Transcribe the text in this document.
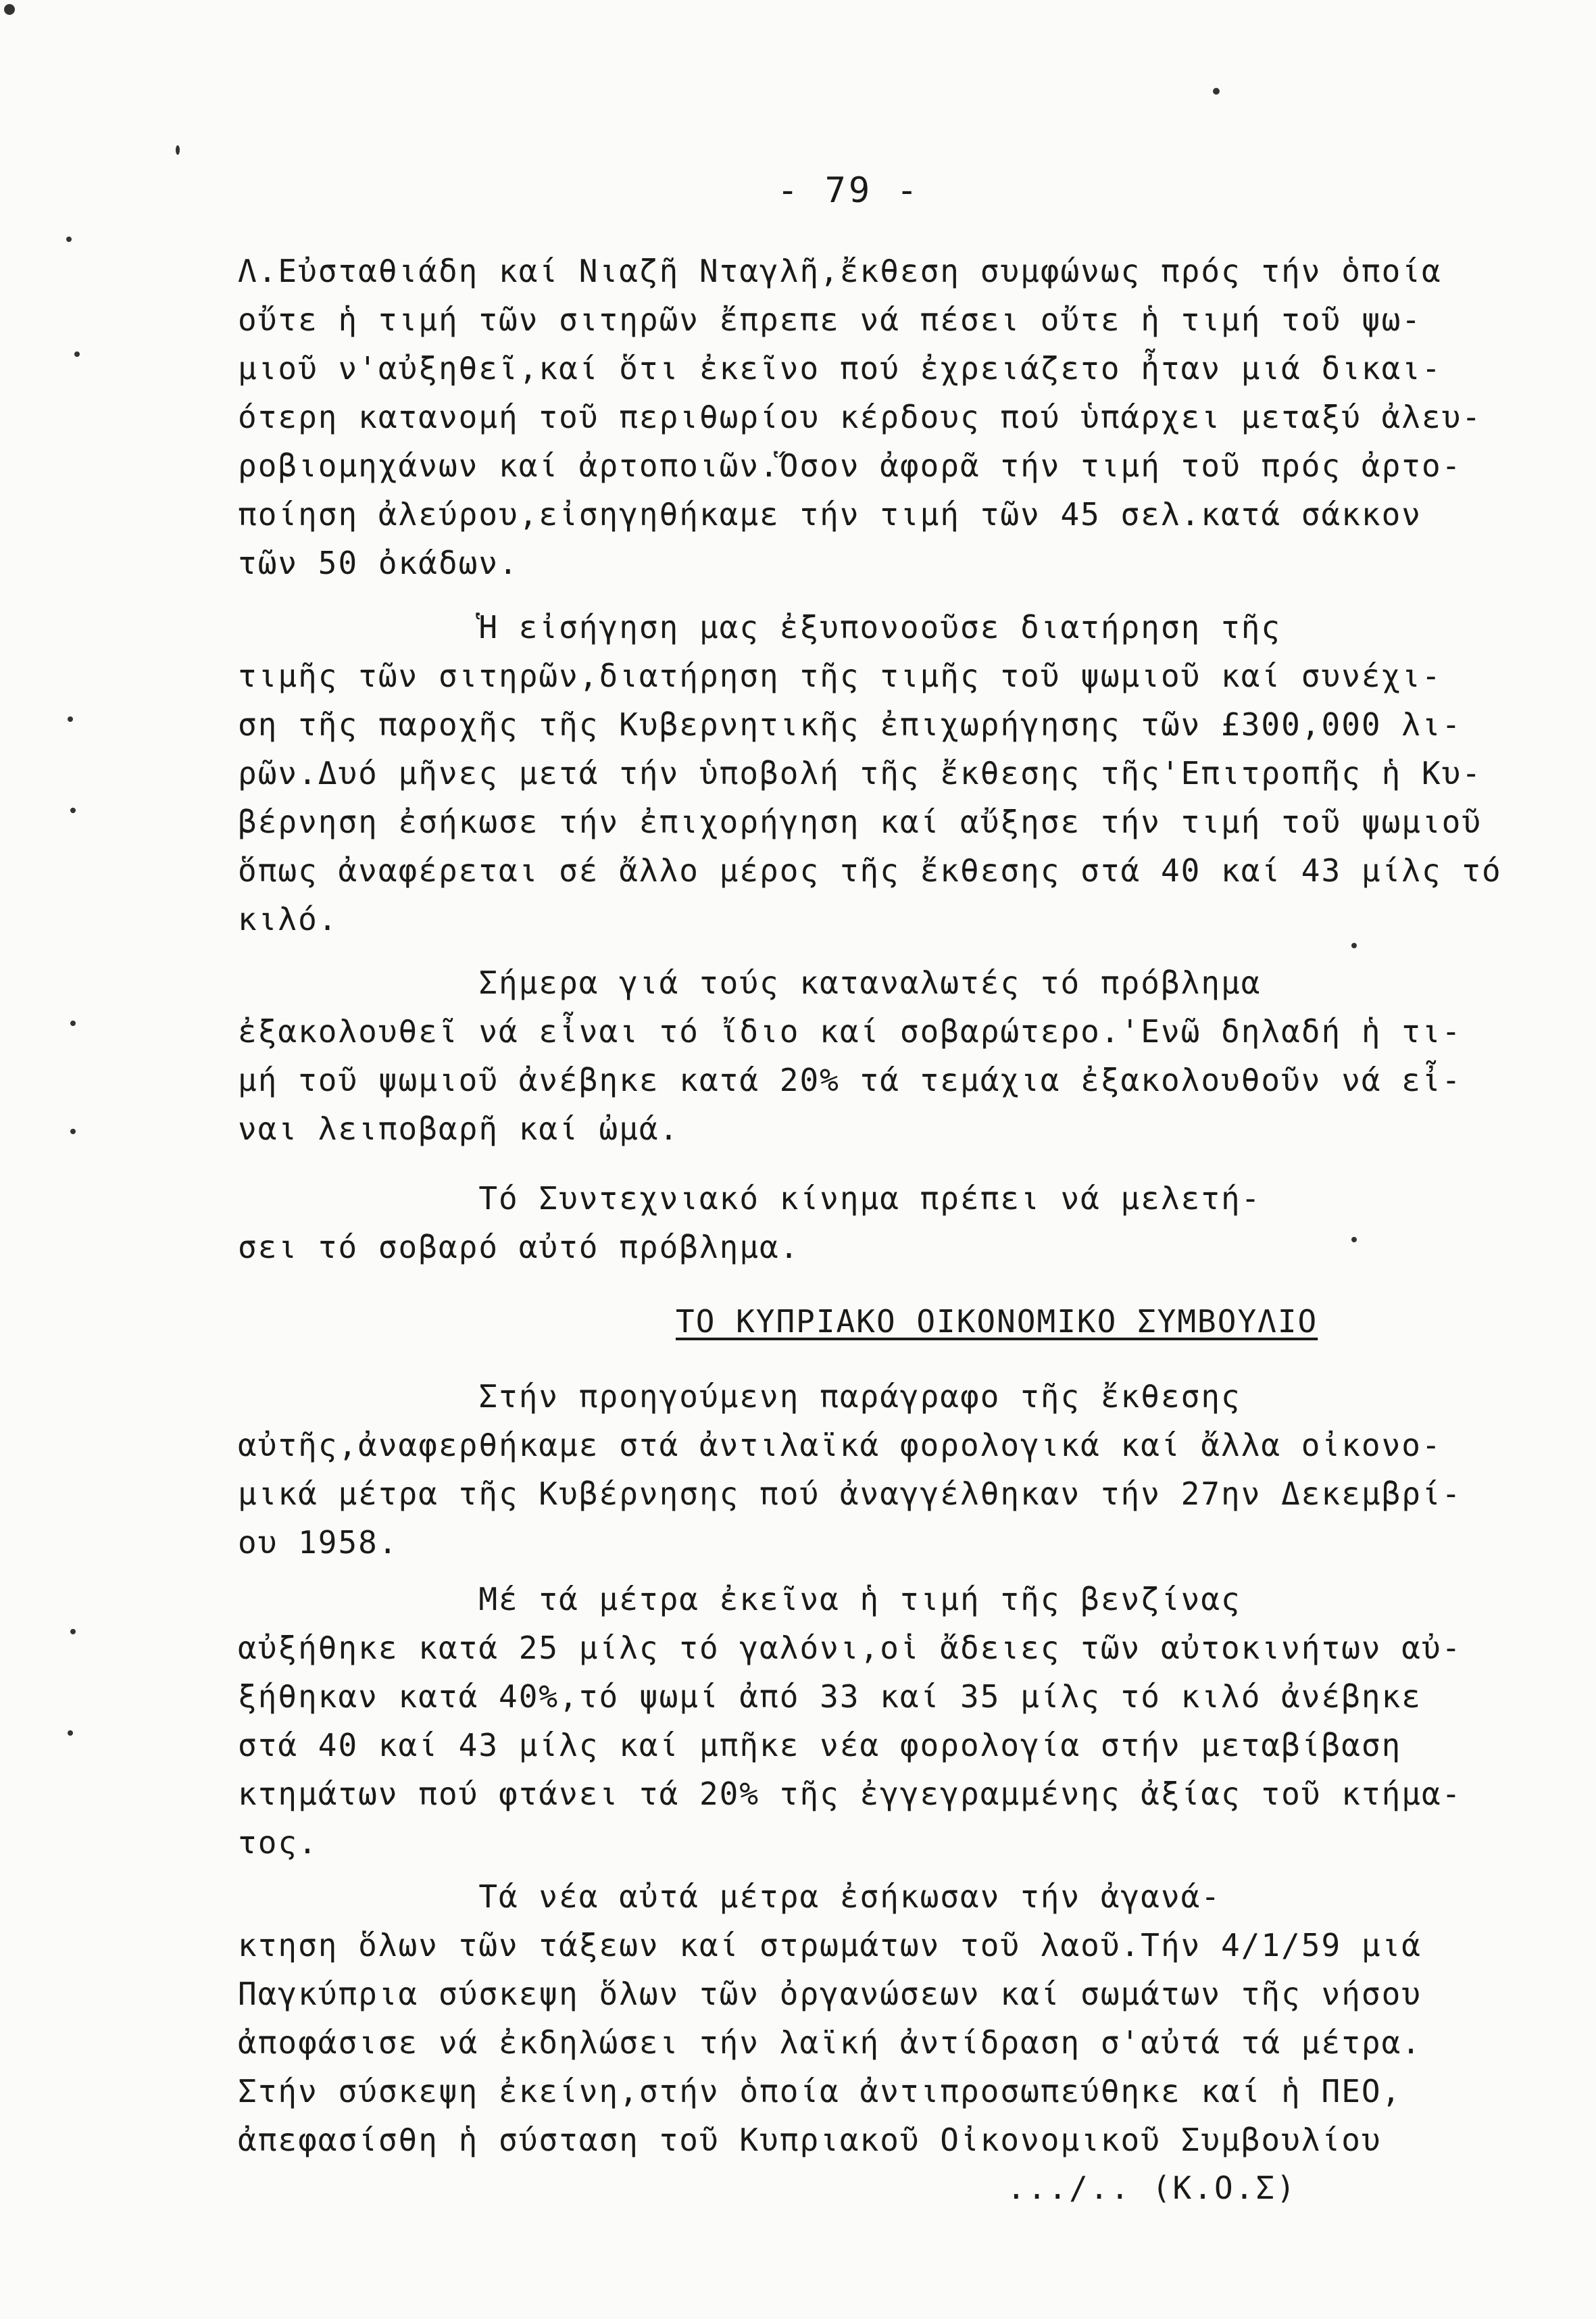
- 79 -
Λ.Εὐσταθιάδη καί Νιαζῆ Νταγλῆ,ἔκθεση συμφώνως πρός τήν ὁποία
οὔτε ἡ τιμή τῶν σιτηρῶν ἔπρεπε νά πέσει οὔτε ἡ τιμή τοῦ ψω-
μιοῦ ν'αὐξηθεῖ,καί ὅτι ἐκεῖνο πού ἐχρειάζετο ἦταν μιά δικαι-
ότερη κατανομή τοῦ περιθωρίου κέρδους πού ὑπάρχει μεταξύ ἀλευ-
ροβιομηχάνων καί ἀρτοποιῶν.Ὅσον ἀφορᾶ τήν τιμή τοῦ πρός ἀρτο-
ποίηση ἀλεύρου,εἰσηγηθήκαμε τήν τιμή τῶν 45 σελ.κατά σάκκον
τῶν 50 ὀκάδων.
Ἡ εἰσήγηση μας ἐξυπονοοῦσε διατήρηση τῆς
τιμῆς τῶν σιτηρῶν,διατήρηση τῆς τιμῆς τοῦ ψωμιοῦ καί συνέχι-
ση τῆς παροχῆς τῆς Κυβερνητικῆς ἐπιχωρήγησης τῶν £300,000 λι-
ρῶν.Δυό μῆνες μετά τήν ὑποβολή τῆς ἔκθεσης τῆς'Επιτροπῆς ἡ Κυ-
βέρνηση ἐσήκωσε τήν ἐπιχορήγηση καί αὔξησε τήν τιμή τοῦ ψωμιοῦ
ὅπως ἀναφέρεται σέ ἄλλο μέρος τῆς ἔκθεσης στά 40 καί 43 μίλς τό
κιλό.
Σήμερα γιά τούς καταναλωτές τό πρόβλημα
ἐξακολουθεῖ νά εἶναι τό ἴδιο καί σοβαρώτερο.'Ενῶ δηλαδή ἡ τι-
μή τοῦ ψωμιοῦ ἀνέβηκε κατά 20% τά τεμάχια ἐξακολουθοῦν νά εἶ-
ναι λειποβαρῆ καί ὠμά.
Τό Συντεχνιακό κίνημα πρέπει νά μελετή-
σει τό σοβαρό αὐτό πρόβλημα.
ΤΟ ΚΥΠΡΙΑΚΟ ΟΙΚΟΝΟΜΙΚΟ ΣΥΜΒΟΥΛΙΟ
Στήν προηγούμενη παράγραφο τῆς ἔκθεσης
αὐτῆς,ἀναφερθήκαμε στά ἀντιλαϊκά φορολογικά καί ἄλλα οἰκονο-
μικά μέτρα τῆς Κυβέρνησης πού ἀναγγέλθηκαν τήν 27ην Δεκεμβρί-
ου 1958.
Μέ τά μέτρα ἐκεῖνα ἡ τιμή τῆς βενζίνας
αὐξήθηκε κατά 25 μίλς τό γαλόνι,οἱ ἄδειες τῶν αὐτοκινήτων αὐ-
ξήθηκαν κατά 40%,τό ψωμί ἀπό 33 καί 35 μίλς τό κιλό ἀνέβηκε
στά 40 καί 43 μίλς καί μπῆκε νέα φορολογία στήν μεταβίβαση
κτημάτων πού φτάνει τά 20% τῆς ἐγγεγραμμένης ἀξίας τοῦ κτήμα-
τος.
Τά νέα αὐτά μέτρα ἐσήκωσαν τήν ἀγανά-
κτηση ὅλων τῶν τάξεων καί στρωμάτων τοῦ λαοῦ.Τήν 4/1/59 μιά
Παγκύπρια σύσκεψη ὅλων τῶν ὀργανώσεων καί σωμάτων τῆς νήσου
ἀποφάσισε νά ἐκδηλώσει τήν λαϊκή ἀντίδραση σ'αὐτά τά μέτρα.
Στήν σύσκεψη ἐκείνη,στήν ὁποία ἀντιπροσωπεύθηκε καί ἡ ΠΕΟ,
ἀπεφασίσθη ἡ σύσταση τοῦ Κυπριακοῦ Οἰκονομικοῦ Συμβουλίου
.../.. (Κ.Ο.Σ)
